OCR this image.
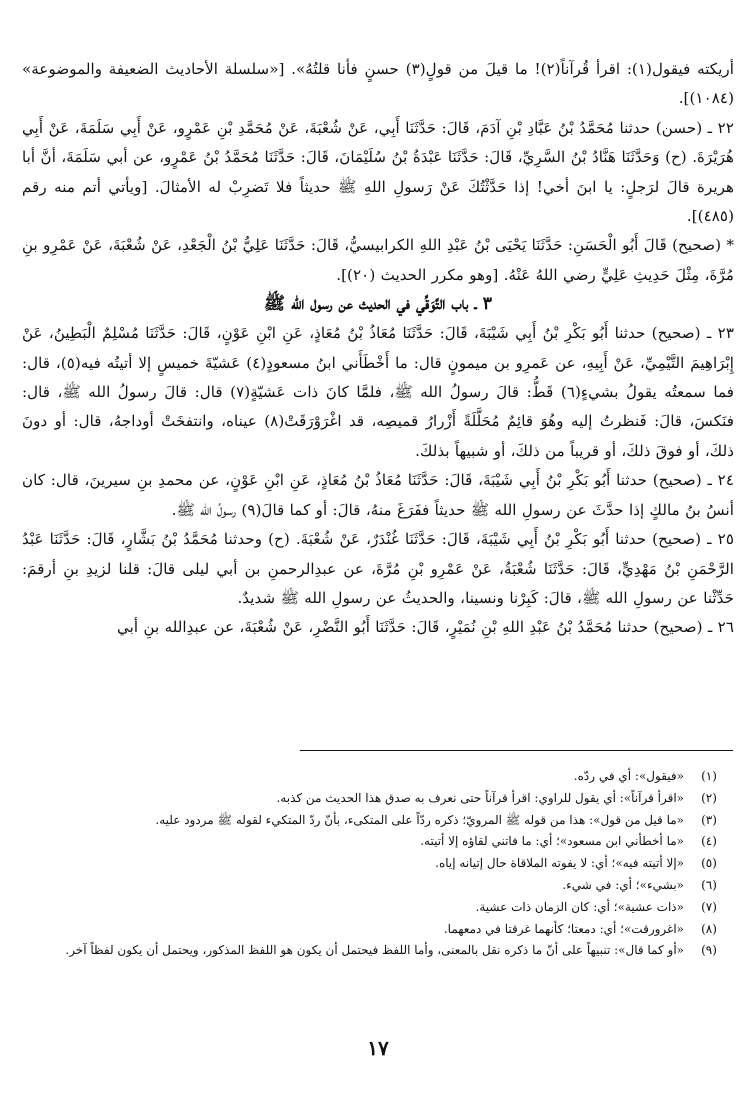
أريكته فيقول(١): اقرأ قُرآناً(٢)! ما قيلَ من قولٍ(٣) حسنٍ فأنا قلتُهُ». [«سلسلة الأحاديث الضعيفة والموضوعة» (١٠٨٤)].

٢٢ ـ (حسن) حدثنا مُحَمَّدُ بْنُ عَبَّادِ بْنِ آدَمَ، قَالَ: حَدَّثَنَا أَبِي، عَنْ شُعْبَةَ، عَنْ مُحَمَّدِ بْنِ عَمْرٍو، عَنْ أَبِي سَلَمَةَ، عَنْ أَبِي هُرَيْرَةَ. (ح) وَحَدَّثَنَا هَنَّادُ بْنُ السَّرِيِّ، قَالَ: حَدَّثَنَا عَبْدَةُ بْنُ سُلَيْمَانَ، قَالَ: حَدَّثَنَا مُحَمَّدُ بْنُ عَمْرٍو، عن أبي سَلَمَةَ، أنَّ أبا هريرة قالَ لرَجلٍ: يا ابنَ أخي! إذا حَدَّثْتُكَ عَنْ رَسولِ اللهِ ﷺ حديثاً فلا تَضرِبْ له الأمثالَ. [ويأتي أتم منه رقم (٤٨٥)].

* (صحيح) قَالَ أَبُو الْحَسَنِ: حَدَّثَنَا يَحْيَى بْنُ عَبْدِ اللهِ الكرابيسيُّ، قَالَ: حَدَّثَنَا عَلِيُّ بْنُ الْجَعْدِ، عَنْ شُعْبَةَ، عَنْ عَمْرِو بنِ مُرَّةَ، مِثْلَ حَدِيثِ عَلِيٍّ رضي اللهُ عَنْهُ. [وهو مكرر الحديث (٢٠)].

٣ ـ باب التَّوَقِّي في الحديث عن رسول الله ﷺ

٢٣ ـ (صحيح) حدثنا أَبُو بَكْرِ بْنُ أَبِي شَيْبَةَ، قَالَ: حَدَّثَنَا مُعَاذُ بْنُ مُعَاذٍ، عَنِ ابْنِ عَوْنٍ، قَالَ: حَدَّثَنَا مُسْلِمٌ الْبَطِينُ، عَنْ إِبْرَاهِيمَ التَّيْمِيِّ، عَنْ أَبِيهِ، عن عَمرِو بن ميمونٍ قال: ما أَخْطَأَني ابنُ مسعودٍ(٤) عَشيّةَ خميسٍ إلا أتيتُه فيه(٥)، قال: فما سمعتُه يقولُ بشيءٍ(٦) قَطُّ: قالَ رسولُ الله ﷺ، فلمَّا كانَ ذات عَشيّةٍ(٧) قال: قالَ رسولُ الله ﷺ، قال: فنَكسَ، قالَ: فَنظرتُ إليه وهُوَ قائِمٌ مُحَلَّلَةً أَزْرارُ قميصِه، قد اغْرَوْرَقَتْ(٨) عيناه، وانتفخَتْ أوداجهُ، قال: أو دونَ ذلكَ، أو فوقَ ذلكَ، أو قريباً من ذلكَ، أو شبيهاً بذلكَ.

٢٤ ـ (صحيح) حدثنا أَبُو بَكْرِ بْنُ أَبِي شَيْبَةَ، قَالَ: حَدَّثَنَا مُعَاذُ بْنُ مُعَاذٍ، عَنِ ابْنِ عَوْنٍ، عن محمدِ بنِ سيرينَ، قال: كان أنسُ بنُ مالكٍ إذا حدَّثَ عن رسولِ الله ﷺ حديثاً ففَرَغَ منهُ، قالَ: أو كما قالَ(٩) رسولُ الله ﷺ.

٢٥ ـ (صحيح) حدثنا أَبُو بَكْرِ بْنُ أَبِي شَيْبَةَ، قَالَ: حَدَّثَنَا غُنْدَرٌ، عَنْ شُعْبَةَ. (ح) وحدثنا مُحَمَّدُ بْنُ بَشَّارٍ، قَالَ: حَدَّثَنَا عَبْدُ الرَّحْمَنِ بْنُ مَهْدِيٍّ، قَالَ: حَدَّثَنَا شُعْبَةُ، عَنْ عَمْرِو بْنِ مُرَّةَ، عن عبدِالرحمنِ بن أبي ليلى قالَ: قلنا لزيدِ بنِ أرقمَ: حَدِّثْنا عن رسولِ الله ﷺ، قالَ: كَبِرْنا ونسينا، والحديثُ عن رسولِ الله ﷺ شديدٌ.

٢٦ ـ (صحيح) حدثنا مُحَمَّدُ بْنُ عَبْدِ اللهِ بْنِ نُمَيْرٍ، قَالَ: حَدَّثَنَا أَبُو النَّضْرِ، عَنْ شُعْبَةَ، عن عبدِالله بنِ أبي

(١)
«فيقول»: أي في ردّه.
(٢)
«اقرأ قرآناً»: أي يقول للراوي: اقرأ قرآناً حتى نعرف به صدق هذا الحديث من كذبه.
(٣)
«ما قيل من قول»: هذا من قوله ﷺ المرويّ؛ ذكره ردّاً على المتكىء، بأنّ ردّ المتكيء لقوله ﷺ مردود عليه.
(٤)
«ما أخطأني ابن مسعود»؛ أي: ما فاتني لقاؤه إلا أتيته.
(٥)
«إلا أتيته فيه»؛ أي: لا يفوته الملاقاة حال إتيانه إياه.
(٦)
«بشيء»؛ أي: في شيء.
(٧)
«ذات عشية»؛ أي: كان الزمان ذات عشية.
(٨)
«اغرورقت»؛ أي: دمعتا؛ كأنهما غرقتا في دمعهما.
(٩)
«أو كما قال»: تنبيهاً على أنّ ما ذكره نقل بالمعنى، وأما اللفظ فيحتمل أن يكون هو اللفظ المذكور، ويحتمل أن يكون لفظاً آخر.
١٧
